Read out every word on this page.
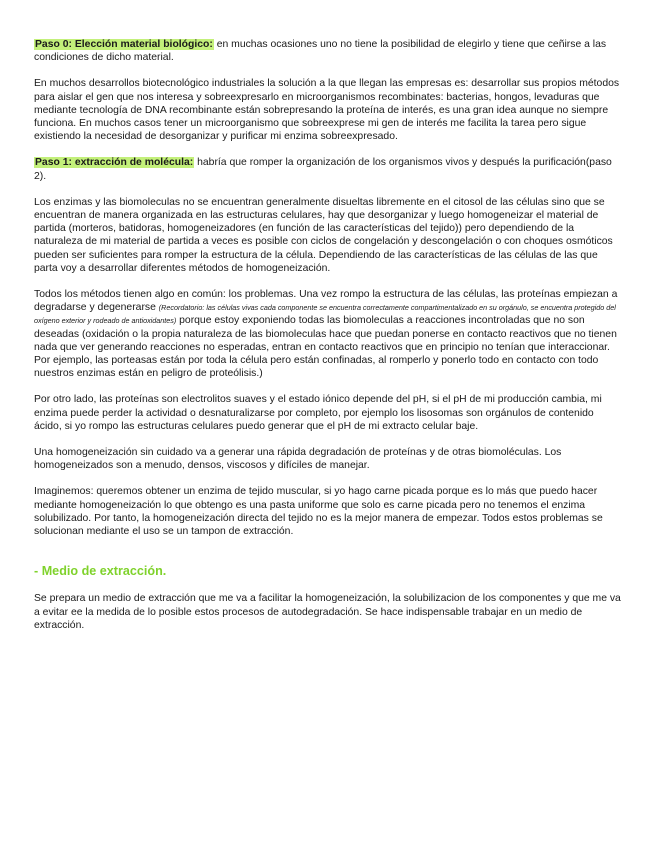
Paso 0: Elección material biológico: en muchas ocasiones uno no tiene la posibilidad de elegirlo y tiene que ceñirse a las condiciones de dicho material.

En muchos desarrollos biotecnológico industriales la solución a la que llegan las empresas es: desarrollar sus propios métodos para aislar el gen que nos interesa y sobreexpresarlo en microorganismos recombinates: bacterias, hongos, levaduras que mediante tecnología de DNA recombinante están sobrepresando la proteína de interés, es una gran idea aunque no siempre funciona. En muchos casos tener un microorganismo que sobreexprese mi gen de interés me facilita la tarea pero sigue existiendo la necesidad de desorganizar y purificar mi enzima sobreexpresado.

Paso 1: extracción de molécula: habría que romper la organización de los organismos vivos y después la purificación(paso 2).

Los enzimas y las biomoleculas no se encuentran generalmente disueltas libremente en el citosol de las células sino que se encuentran de manera organizada en las estructuras celulares, hay que desorganizar y luego homogeneizar el material de partida (morteros, batidoras, homogeneizadores (en función de las características del tejido)) pero dependiendo de la naturaleza de mi material de partida a veces es posible con ciclos de congelación y descongelación o con choques osmóticos pueden ser suficientes para romper la estructura de la célula. Dependiendo de las características de las células de las que parta voy a desarrollar diferentes métodos de homogeneización.

Todos los métodos tienen algo en común: los problemas. Una vez rompo la estructura de las células, las proteínas empiezan a degradarse y degenerarse (Recordatorio: las células vivas cada componente se encuentra correctamente compartimentalizado en su orgánulo, se encuentra protegido del oxígeno exterior y rodeado de antioxidantes) porque estoy exponiendo todas las biomoleculas a reacciones incontroladas que no son deseadas (oxidación o la propia naturaleza de las biomoleculas hace que puedan ponerse en contacto reactivos que no tienen nada que ver generando reacciones no esperadas, entran en contacto reactivos que en principio no tenían que interaccionar. Por ejemplo, las porteasas están por toda la célula pero están confinadas, al romperlo y ponerlo todo en contacto con todo nuestros enzimas están en peligro de proteólisis.)

Por otro lado, las proteínas son electrolitos suaves y el estado iónico depende del pH, si el pH de mi producción cambia, mi enzima puede perder la actividad o desnaturalizarse por completo, por ejemplo los lisosomas son orgánulos de contenido ácido, si yo rompo las estructuras celulares puedo generar que el pH de mi extracto celular baje.

Una homogeneización sin cuidado va a generar una rápida degradación de proteínas y de otras biomoléculas. Los homogeneizados son a menudo, densos, viscosos y difíciles de manejar.

Imaginemos: queremos obtener un enzima de tejido muscular, si yo hago carne picada porque es lo más que puedo hacer mediante homogeneización lo que obtengo es una pasta uniforme que solo es carne picada pero no tenemos el enzima solubilizado. Por tanto, la homogeneización directa del tejido no es la mejor manera de empezar. Todos estos problemas se solucionan mediante el uso se un tampon de extracción.

- Medio de extracción.

Se prepara un medio de extracción que me va a facilitar la homogeneización, la solubilizacion de los componentes y que me va a evitar ee la medida de lo posible estos procesos de autodegradación. Se hace indispensable trabajar en un medio de extracción.
